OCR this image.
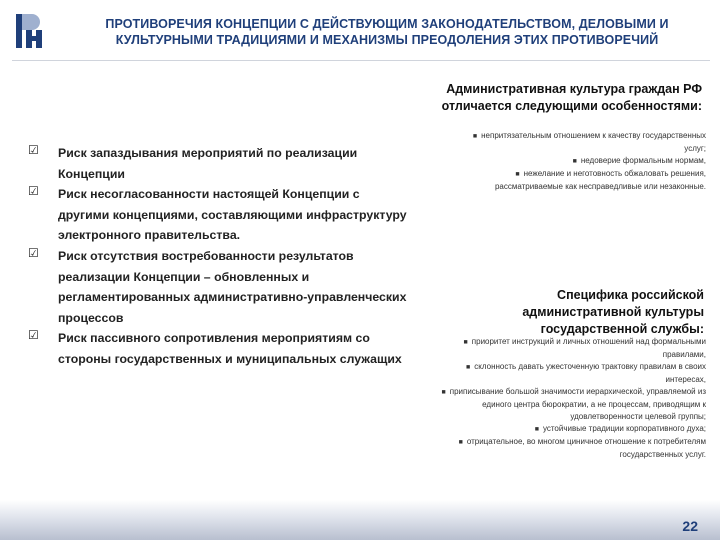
ПРОТИВОРЕЧИЯ КОНЦЕПЦИИ С ДЕЙСТВУЮЩИМ ЗАКОНОДАТЕЛЬСТВОМ, ДЕЛОВЫМИ И КУЛЬТУРНЫМИ ТРАДИЦИЯМИ И МЕХАНИЗМЫ ПРЕОДОЛЕНИЯ ЭТИХ ПРОТИВОРЕЧИЙ
☑ Риск запаздывания мероприятий по реализации Концепции
☑ Риск несогласованности настоящей Концепции с другими концепциями, составляющими инфраструктуру электронного правительства.
☑ Риск отсутствия востребованности результатов реализации Концепции – обновленных и регламентированных административно-управленческих процессов
☑ Риск пассивного сопротивления мероприятиям со стороны государственных и муниципальных служащих
Административная культура граждан РФ отличается следующими особенностями:
■ непритязательным отношением к качеству государственных услуг;
■ недоверие формальным нормам,
■ нежелание и неготовность обжаловать решения, рассматриваемые как несправедливые или незаконные.
Специфика российской административной культуры государственной службы:
■ приоритет инструкций и личных отношений над формальными правилами,
■ склонность давать ужесточенную трактовку правилам в своих интересах,
■ приписывание большой значимости иерархической, управляемой из единого центра бюрократии, а не процессам, приводящим к удовлетворенности целевой группы;
■ устойчивые традиции корпоративного духа;
■ отрицательное, во многом циничное отношение к потребителям государственных услуг.
22
